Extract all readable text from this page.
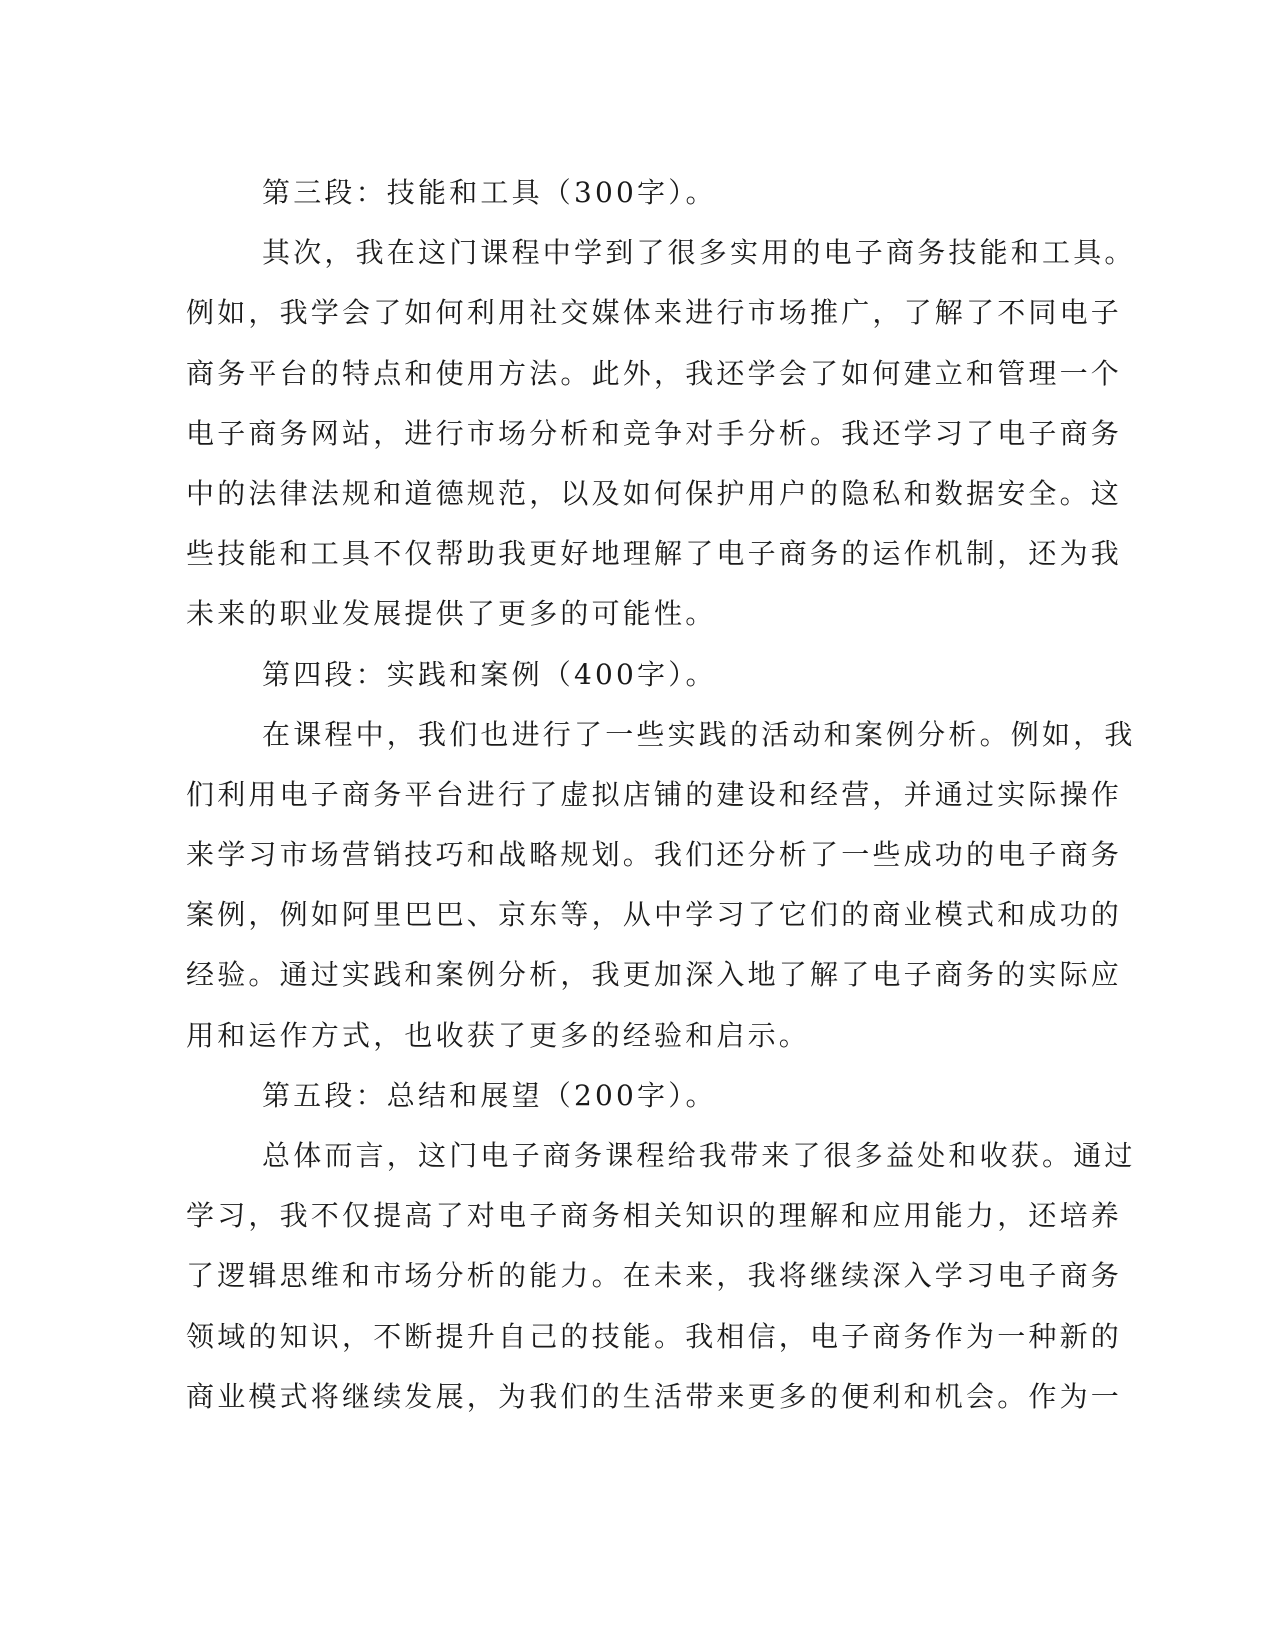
第三段：技能和工具（300字）。
其次，我在这门课程中学到了很多实用的电子商务技能和工具。
例如，我学会了如何利用社交媒体来进行市场推广，了解了不同电子
商务平台的特点和使用方法。此外，我还学会了如何建立和管理一个
电子商务网站，进行市场分析和竞争对手分析。我还学习了电子商务
中的法律法规和道德规范，以及如何保护用户的隐私和数据安全。这
些技能和工具不仅帮助我更好地理解了电子商务的运作机制，还为我
未来的职业发展提供了更多的可能性。
第四段：实践和案例（400字）。
在课程中，我们也进行了一些实践的活动和案例分析。例如，我
们利用电子商务平台进行了虚拟店铺的建设和经营，并通过实际操作
来学习市场营销技巧和战略规划。我们还分析了一些成功的电子商务
案例，例如阿里巴巴、京东等，从中学习了它们的商业模式和成功的
经验。通过实践和案例分析，我更加深入地了解了电子商务的实际应
用和运作方式，也收获了更多的经验和启示。
第五段：总结和展望（200字）。
总体而言，这门电子商务课程给我带来了很多益处和收获。通过
学习，我不仅提高了对电子商务相关知识的理解和应用能力，还培养
了逻辑思维和市场分析的能力。在未来，我将继续深入学习电子商务
领域的知识，不断提升自己的技能。我相信，电子商务作为一种新的
商业模式将继续发展，为我们的生活带来更多的便利和机会。作为一
